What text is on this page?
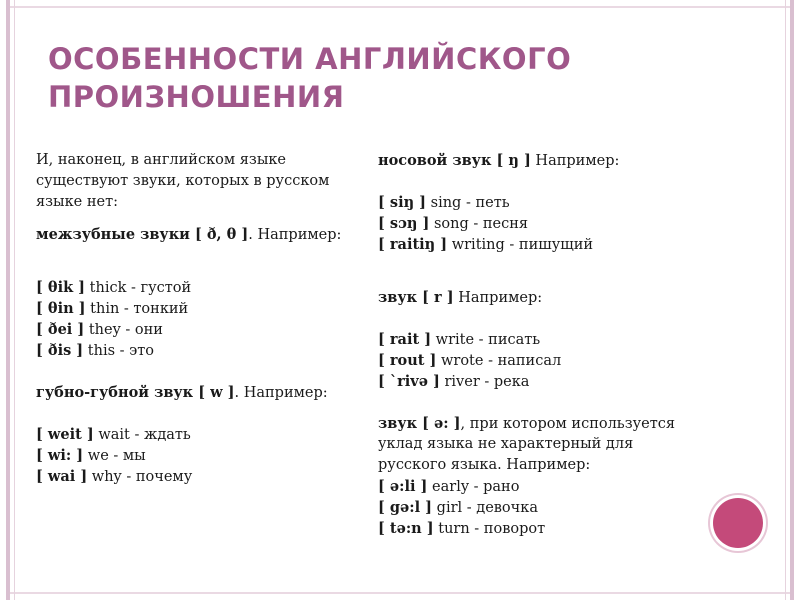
ОСОБЕННОСТИ АНГЛИЙСКОГО
ПРОИЗНОШЕНИЯ
И, наконец, в английском языке
существуют звуки, которых в русском
языке нет:
межзубные звуки [ ð, θ ]. Например:
[ θik ] thick - густой
[ θin ] thin - тонкий
[ ðei ] they - они
[ ðis ] this - это
губно-губной звук [ w ]. Например:
[ weit ] wait - ждать
[ wi: ] we - мы
[ wai ] why - почему
носовой звук [ ŋ ] Например:
[ siŋ ] sing - петь
[ sɔŋ ] song - песня
[ raitiŋ ] writing - пишущий
звук [ r ] Например:
[ rait ] write - писать
[ rout ] wrote - написал
[ `rivə ] river - река
звук [ ə: ], при котором используется
уклад языка не характерный для
русского языка. Например:
[ ə:li ] early - рано
[ gə:l ] girl - девочка
[ tə:n ] turn - поворот
